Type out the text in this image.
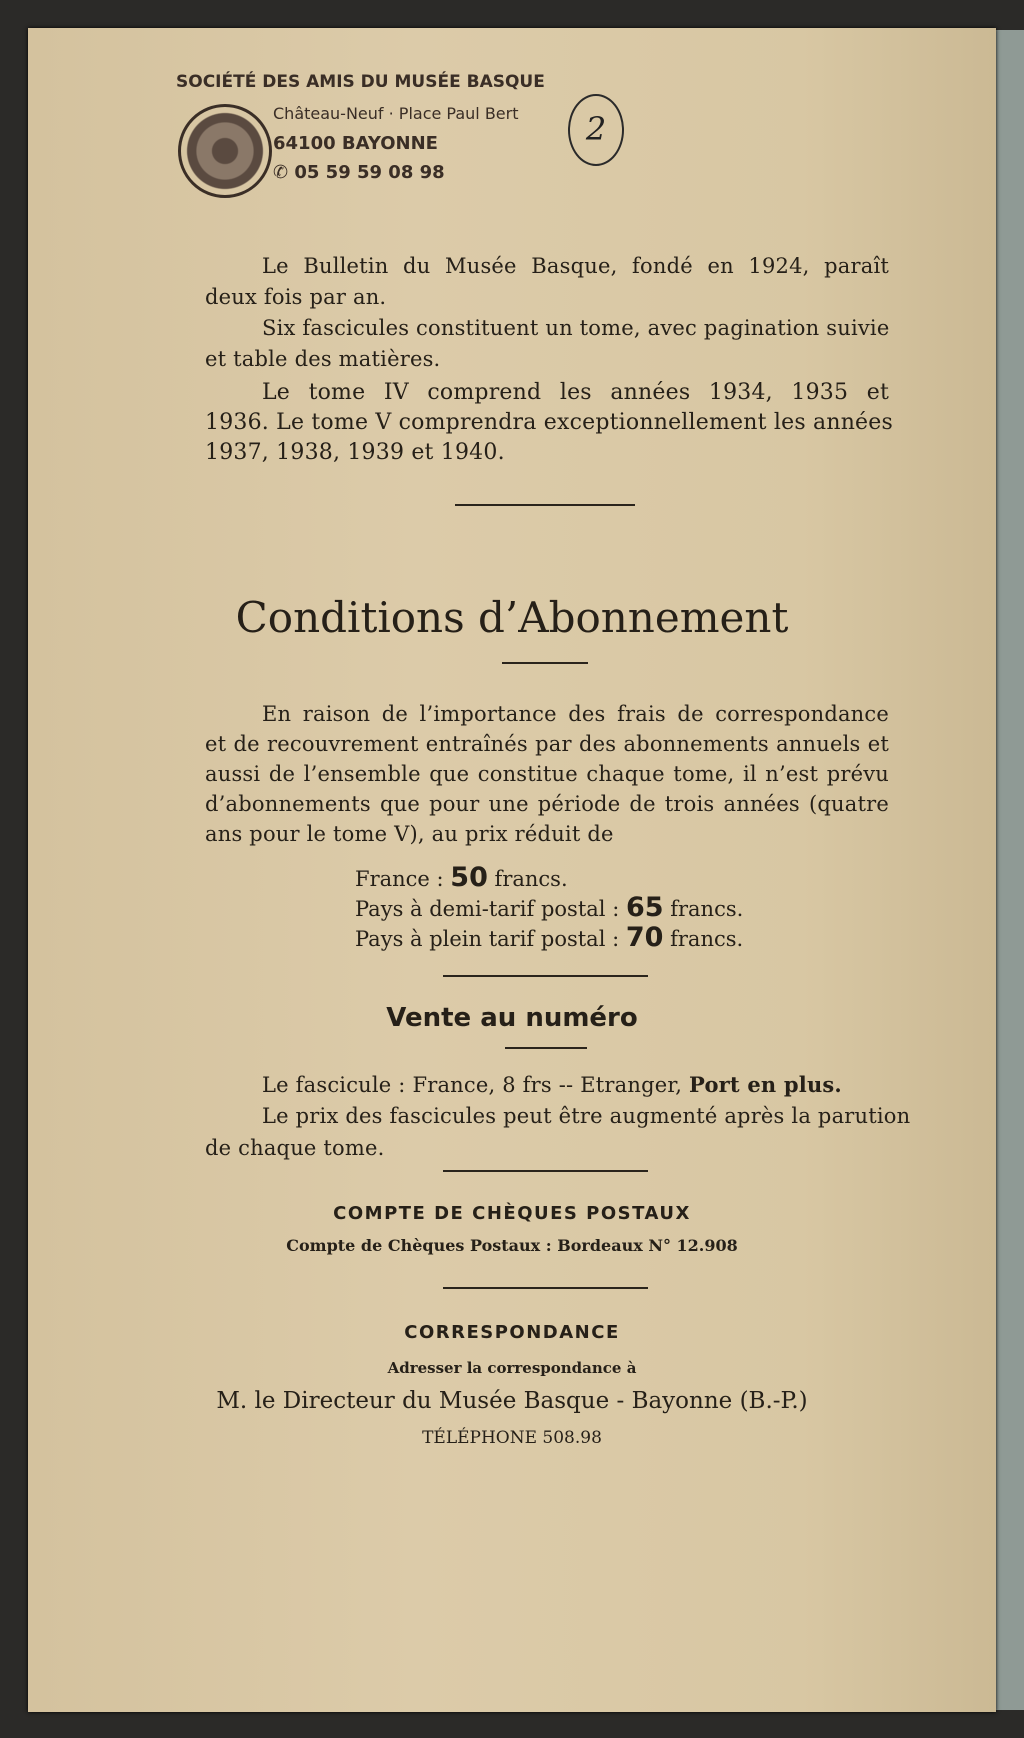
SOCIÉTÉ DES AMIS DU MUSÉE BASQUE
Château-Neuf · Place Paul Bert
64100 BAYONNE
✆ 05 59 59 08 98
2
Le Bulletin du Musée Basque, fondé en 1924, paraît
deux fois par an.
Six fascicules constituent un tome, avec pagination suivie
et table des matières.
Le tome IV comprend les années 1934, 1935 et
1936. Le tome V comprendra exceptionnellement les années
1937, 1938, 1939 et 1940.
Conditions d’Abonnement
En raison de l’importance des frais de correspondance
et de recouvrement entraînés par des abonnements annuels et
aussi de l’ensemble que constitue chaque tome, il n’est prévu
d’abonnements que pour une période de trois années (quatre
ans pour le tome V), au prix réduit de
France : 50 francs.
Pays à demi-tarif postal : 65 francs.
Pays à plein tarif postal : 70 francs.
Vente au numéro
Le fascicule : France, 8 frs -- Etranger, Port en plus.
Le prix des fascicules peut être augmenté après la parution
de chaque tome.
COMPTE DE CHÈQUES POSTAUX
Compte de Chèques Postaux : Bordeaux N° 12.908
CORRESPONDANCE
Adresser la correspondance à
M. le Directeur du Musée Basque - Bayonne (B.-P.)
TÉLÉPHONE 508.98
